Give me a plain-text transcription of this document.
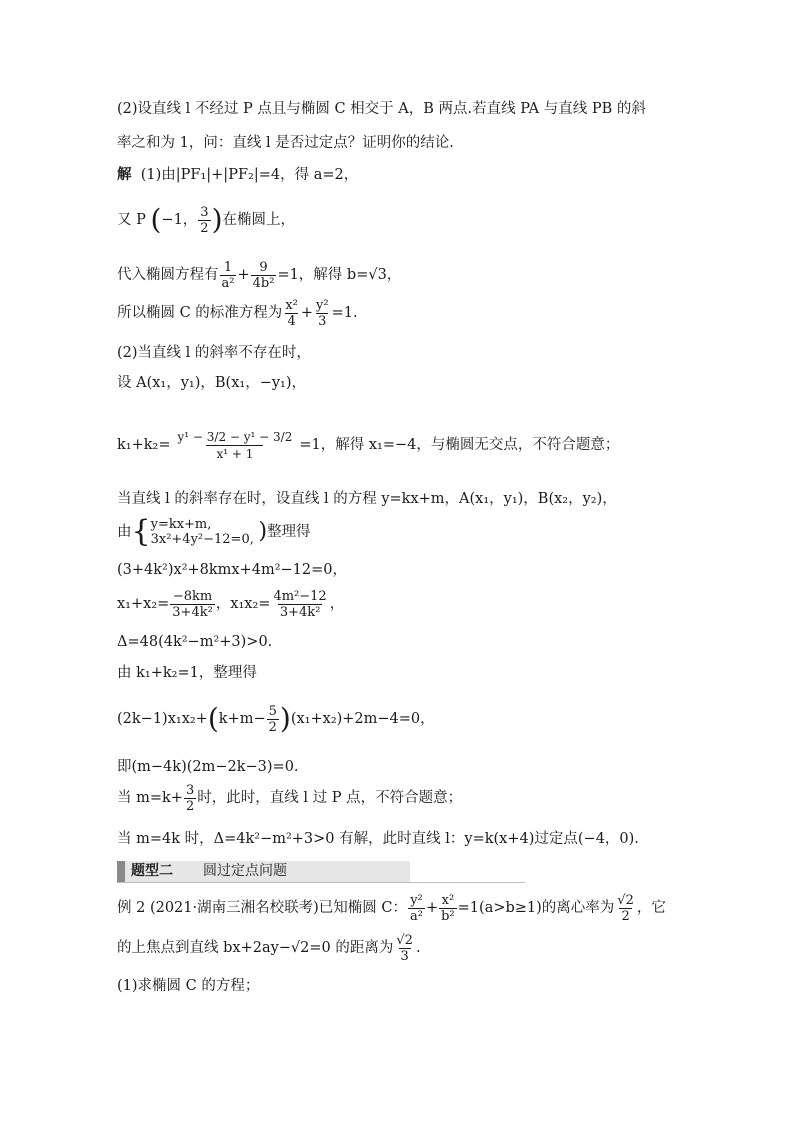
(2)设直线 l 不经过 P 点且与椭圆 C 相交于 A，B 两点.若直线 PA 与直线 PB 的斜
率之和为 1，问：直线 l 是否过定点？证明你的结论.
解 (1)由|PF₁|+|PF₂|=4，得 a=2，
又 P (−1， $\frac{3}{2}$ )在椭圆上，
代入椭圆方程有 $\frac{1}{\text{a²}} + \frac{9}{\text{4b²}} =1$，解得 b=√3，
所以椭圆 C 的标准方程为 $\frac{\text{x²}}{4} + \frac{\text{y²}}{3} =1$.
(2)当直线 l 的斜率不存在时，
设 A(x₁，y₁)，B(x₁，−y₁)，
$k_1+k_2= \frac{\text{y¹ − 3/2 − y¹ − 3/2}}{\text{x¹ + 1}} =1$，解得 x₁=−4，与椭圆无交点，不符合题意；
当直线 l 的斜率存在时，设直线 l 的方程 y=kx+m，A(x₁，y₁)，B(x₂，y₂)，
由{ y=kx+m,
3x²+4y²−12=0, )整理得
(3+4k²)x²+8kmx+4m²−12=0，
$x_1+x_2= \frac{-8km}{\text{3+4k²}}$ ，$x_1x_2= \frac{\text{4m²−12}}{\text{3+4k²}}$ ，
Δ=48(4k²−m²+3)>0.
由 k₁+k₂=1，整理得
$(2k-1)x_1x_2+(k+m- \frac{5}{2} )(x_1+x_2)+2m-4=0$，
即(m−4k)(2m−2k−3)=0.
当 $m=k+ \frac{3}{2}$ 时，此时，直线 l 过 P 点，不符合题意；
当 m=4k 时，Δ=4k²−m²+3>0 有解，此时直线 l：y=k(x+4)过定点(−4，0).
题型二 圆过定点问题
例 2 (2021·湖南三湘名校联考)已知椭圆 C： $\frac{\text{y²}}{\text{a²}} + \frac{\text{x²}}{\text{b²}} =1(a>b\ge 1)$的离心率为 $\frac{√2}{2}$ ，它
的上焦点到直线 bx+2ay−√2=0 的距离为 $\frac{√2}{3}$ .
(1)求椭圆 C 的方程；
